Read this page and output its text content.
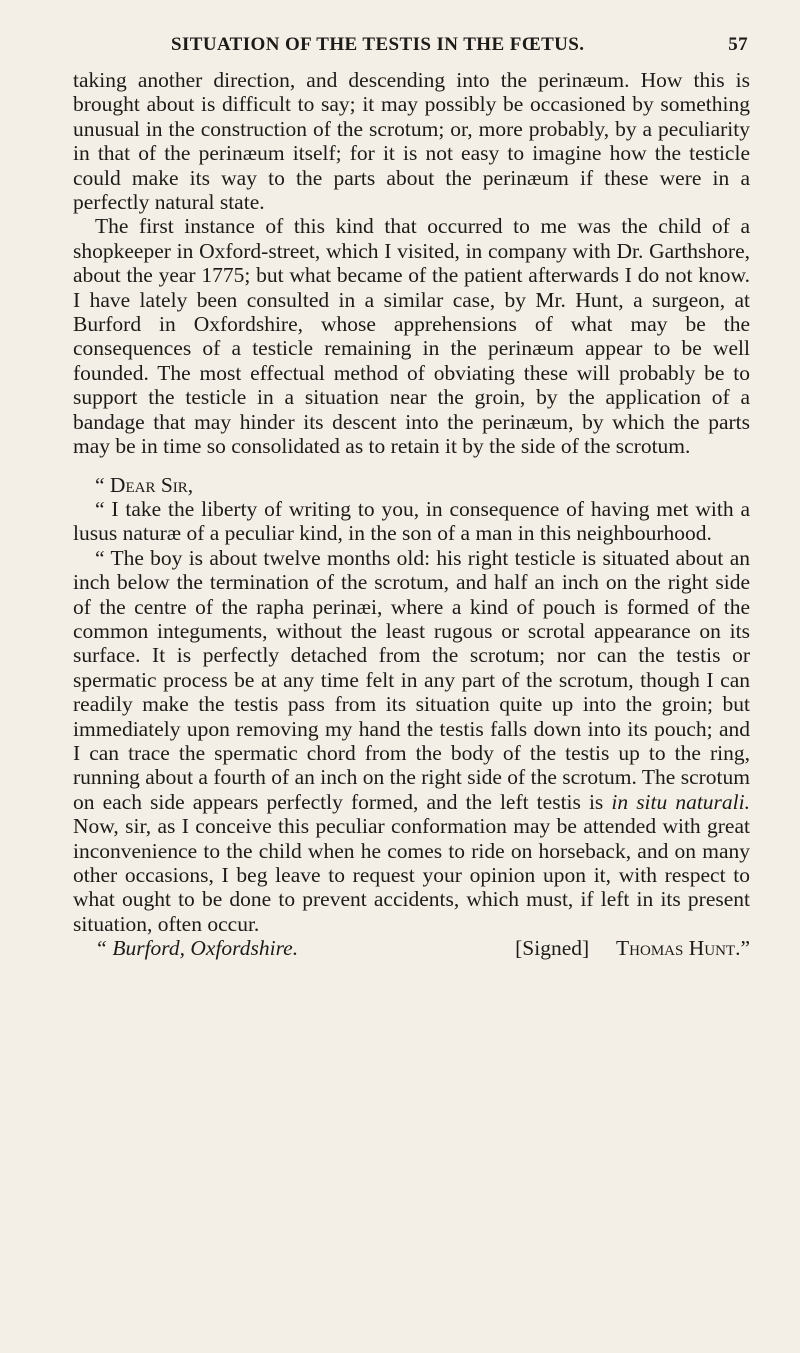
SITUATION OF THE TESTIS IN THE FŒTUS.	57

taking another direction, and descending into the perinæum. How this is brought about is difficult to say; it may possibly be occasioned by something unusual in the construction of the scrotum; or, more probably, by a peculiarity in that of the perinæum itself; for it is not easy to imagine how the testicle could make its way to the parts about the perinæum if these were in a perfectly natural state.

The first instance of this kind that occurred to me was the child of a shopkeeper in Oxford-street, which I visited, in company with Dr. Garthshore, about the year 1775; but what became of the patient afterwards I do not know. I have lately been consulted in a similar case, by Mr. Hunt, a surgeon, at Burford in Oxfordshire, whose apprehensions of what may be the consequences of a testicle remaining in the perinæum appear to be well founded. The most effectual method of obviating these will probably be to support the testicle in a situation near the groin, by the application of a bandage that may hinder its descent into the perinæum, by which the parts may be in time so consolidated as to retain it by the side of the scrotum.

“ Dear Sir,

“ I take the liberty of writing to you, in consequence of having met with a lusus naturæ of a peculiar kind, in the son of a man in this neighbourhood.

“ The boy is about twelve months old: his right testicle is situated about an inch below the termination of the scrotum, and half an inch on the right side of the centre of the rapha perinæi, where a kind of pouch is formed of the common integuments, without the least rugous or scrotal appearance on its surface. It is perfectly detached from the scrotum; nor can the testis or spermatic process be at any time felt in any part of the scrotum, though I can readily make the testis pass from its situation quite up into the groin; but immediately upon removing my hand the testis falls down into its pouch; and I can trace the spermatic chord from the body of the testis up to the ring, running about a fourth of an inch on the right side of the scrotum. The scrotum on each side appears perfectly formed, and the left testis is in situ naturali. Now, sir, as I conceive this peculiar conformation may be attended with great inconvenience to the child when he comes to ride on horseback, and on many other occasions, I beg leave to request your opinion upon it, with respect to what ought to be done to prevent accidents, which must, if left in its present situation, often occur.

“ Burford, Oxfordshire.	[Signed] Thomas Hunt.”
